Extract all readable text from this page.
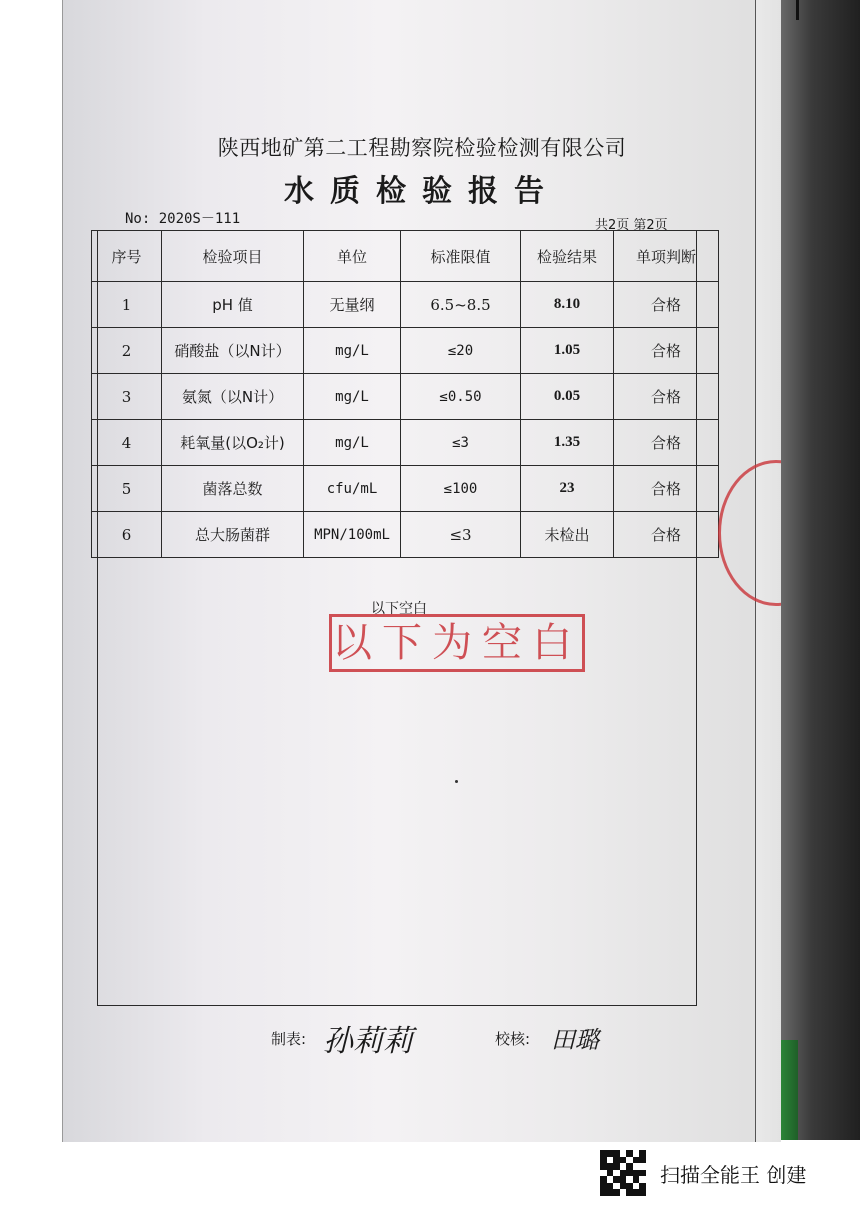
陕西地矿第二工程勘察院检验检测有限公司
水质检验报告
No: 2020S－111	共2页 第2页
序号	检验项目	单位	标准限值	检验结果	单项判断
1	pH 值	无量纲	6.5~8.5	8.10	合格
2	硝酸盐（以N计）	mg/L	≤20	1.05	合格
3	氨氮（以N计）	mg/L	≤0.50	0.05	合格
4	耗氧量(以O₂计)	mg/L	≤3	1.35	合格
5	菌落总数	cfu/mL	≤100	23	合格
6	总大肠菌群	MPN/100mL	≤3	未检出	合格
以下空白
以下为空白
制表: 孙莉莉	校核: 田璐
扫描全能王 创建
